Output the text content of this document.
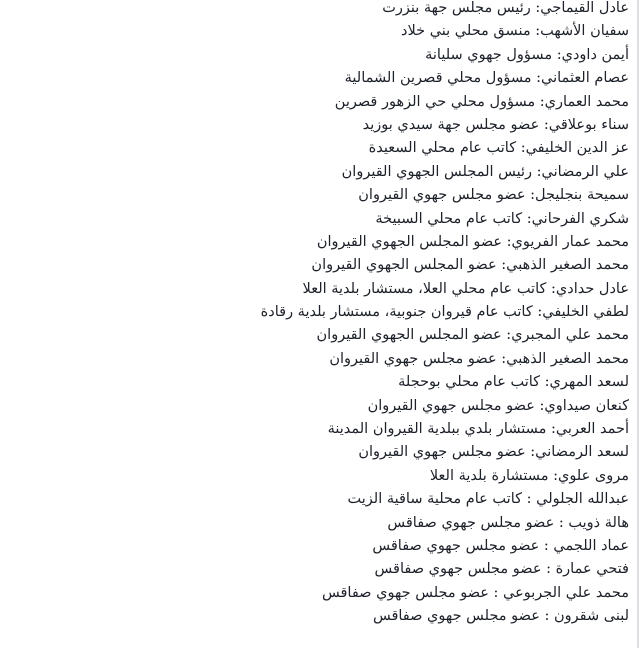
عادل القيماجي: رئيس مجلس جهة بنزرت
سفيان الأشهب: منسق محلي بني خلاد
أيمن داودي: مسؤول جهوي سليانة
عصام العثماني: مسؤول محلي قصرين الشمالية
محمد العماري: مسؤول محلي حي الزهور قصرين
سناء بوعلاقي: عضو مجلس جهة سيدي بوزيد
عز الدين الخليفي: كاتب عام محلي السعيدة
علي الرمضاني: رئيس المجلس الجهوي القيروان
سميحة بنجليجل: عضو مجلس جهوي القيروان
شكري الفرحاني: كاتب عام محلي السبيخة
محمد عمار الفريوي: عضو المجلس الجهوي القيروان
محمد الصغير الذهبي: عضو المجلس الجهوي القيروان
عادل حدادي: كاتب عام محلي العلا، مستشار بلدية العلا
لطفي الخليفي: كاتب عام قيروان جنوبية، مستشار بلدية رقادة
محمد علي المجبري: عضو المجلس الجهوي القيروان
محمد الصغير الذهبي: عضو مجلس جهوي القيروان
لسعد المهري: كاتب عام محلي بوحجلة
كنعان صيداوي: عضو مجلس جهوي القيروان
أحمد العربي: مستشار بلدي ببلدية القيروان المدينة
لسعد الرمضاني: عضو مجلس جهوي القيروان
مروى علوي: مستشارة بلدية العلا
عبدالله الجلولي : كاتب عام محلية ساقية الزيت
هالة ذويب : عضو مجلس جهوي صفاقس
عماد اللجمي : عضو مجلس جهوي صفاقس
فتحي عمارة : عضو مجلس جهوي صفاقس
محمد علي الجربوعي : عضو مجلس جهوي صفاقس
لبنى شقرون : عضو مجلس جهوي صفاقس
